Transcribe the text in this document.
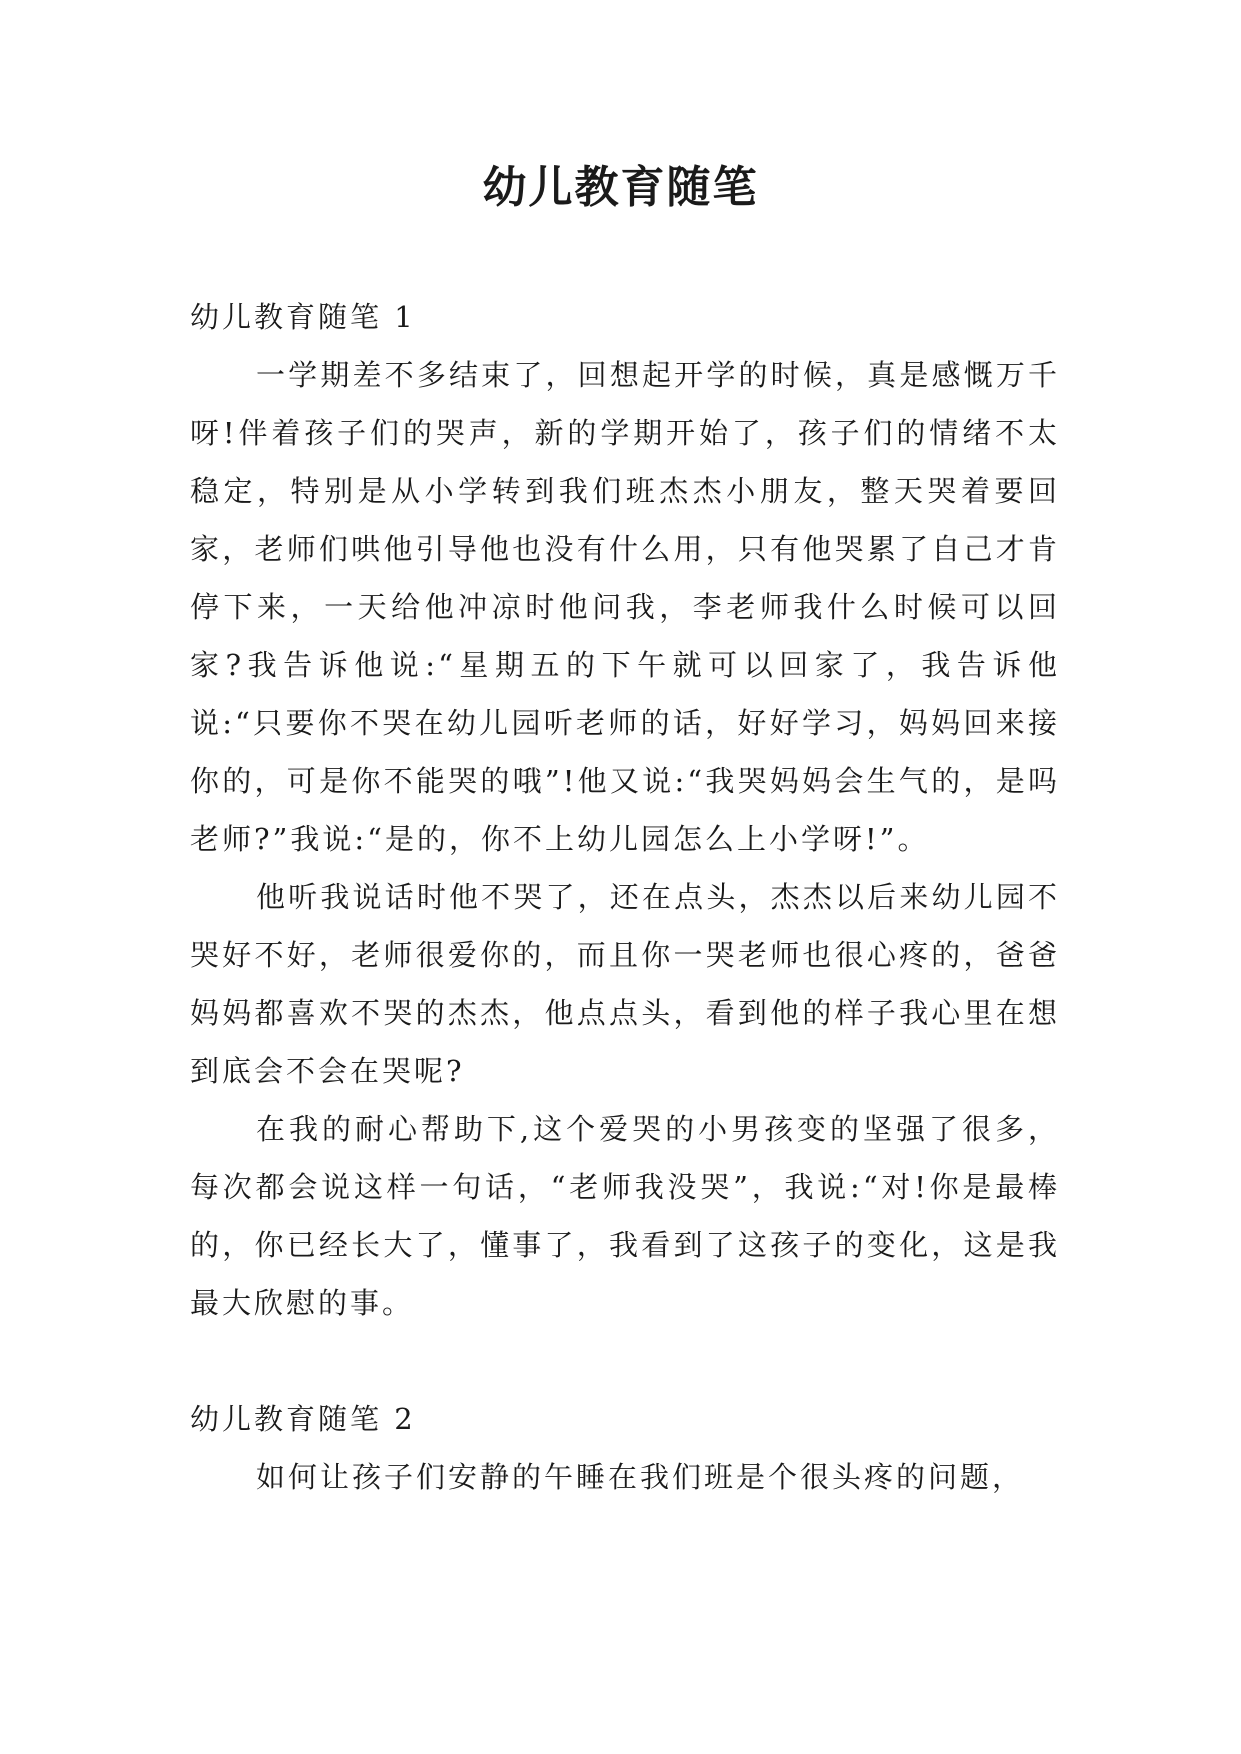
幼儿教育随笔
幼儿教育随笔 1

一学期差不多结束了，回想起开学的时候，真是感慨万千呀!伴着孩子们的哭声，新的学期开始了，孩子们的情绪不太稳定，特别是从小学转到我们班杰杰小朋友，整天哭着要回家，老师们哄他引导他也没有什么用，只有他哭累了自己才肯停下来，一天给他冲凉时他问我，李老师我什么时候可以回家?我告诉他说:“星期五的下午就可以回家了，我告诉他说:“只要你不哭在幼儿园听老师的话，好好学习，妈妈回来接你的，可是你不能哭的哦”!他又说:“我哭妈妈会生气的，是吗老师?”我说:“是的，你不上幼儿园怎么上小学呀!”。

他听我说话时他不哭了，还在点头，杰杰以后来幼儿园不哭好不好，老师很爱你的，而且你一哭老师也很心疼的，爸爸妈妈都喜欢不哭的杰杰，他点点头，看到他的样子我心里在想到底会不会在哭呢?

在我的耐心帮助下,这个爱哭的小男孩变的坚强了很多，每次都会说这样一句话，“老师我没哭”，我说:“对!你是最棒的，你已经长大了，懂事了，我看到了这孩子的变化，这是我最大欣慰的事。

幼儿教育随笔 2

如何让孩子们安静的午睡在我们班是个很头疼的问题，
